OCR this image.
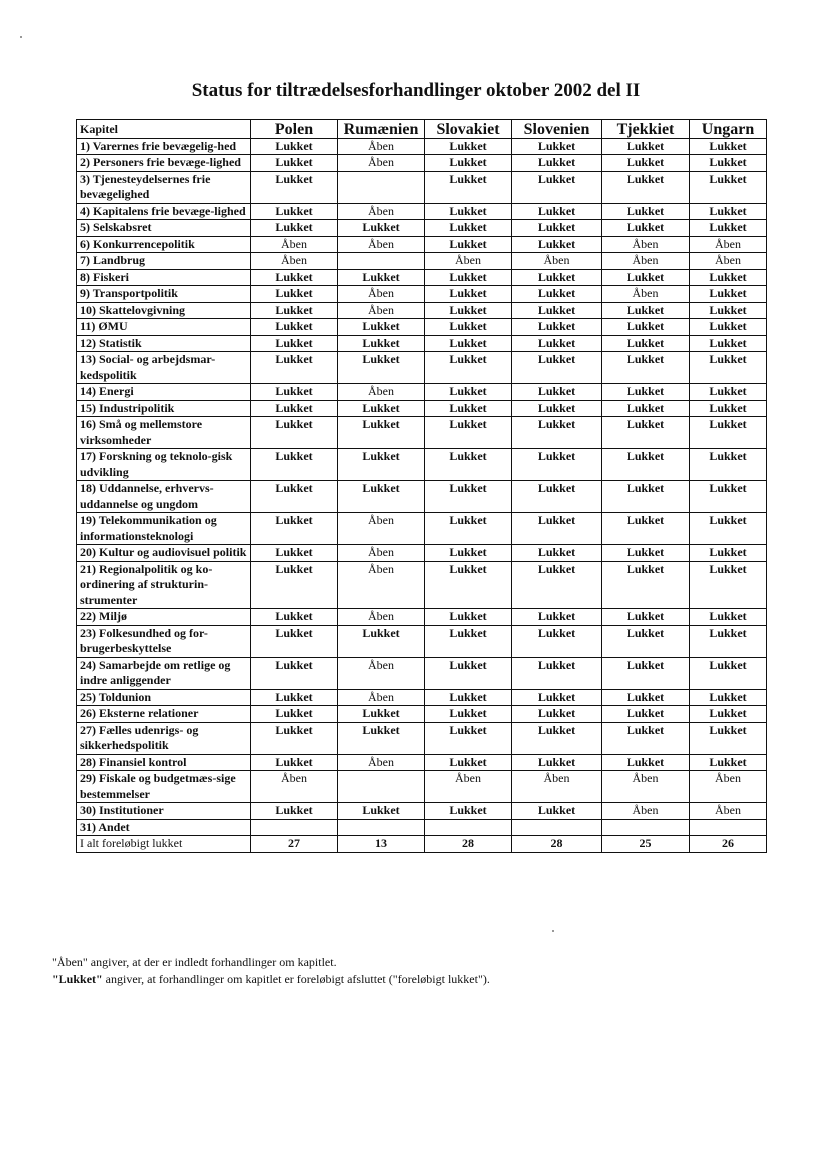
Status for tiltrædelsesforhandlinger oktober 2002 del II
Kapitel	Polen	Rumænien	Slovakiet	Slovenien	Tjekkiet	Ungarn
1) Varernes frie bevægelig-hed	Lukket	Åben	Lukket	Lukket	Lukket	Lukket
2) Personers frie bevæge-lighed	Lukket	Åben	Lukket	Lukket	Lukket	Lukket
3) Tjenesteydelsernes frie bevægelighed	Lukket		Lukket	Lukket	Lukket	Lukket
4) Kapitalens frie bevæge-lighed	Lukket	Åben	Lukket	Lukket	Lukket	Lukket
5) Selskabsret	Lukket	Lukket	Lukket	Lukket	Lukket	Lukket
6) Konkurrencepolitik	Åben	Åben	Lukket	Lukket	Åben	Åben
7) Landbrug	Åben		Åben	Åben	Åben	Åben
8) Fiskeri	Lukket	Lukket	Lukket	Lukket	Lukket	Lukket
9) Transportpolitik	Lukket	Åben	Lukket	Lukket	Åben	Lukket
10) Skattelovgivning	Lukket	Åben	Lukket	Lukket	Lukket	Lukket
11) ØMU	Lukket	Lukket	Lukket	Lukket	Lukket	Lukket
12) Statistik	Lukket	Lukket	Lukket	Lukket	Lukket	Lukket
13) Social- og arbejdsmar-kedspolitik	Lukket	Lukket	Lukket	Lukket	Lukket	Lukket
14) Energi	Lukket	Åben	Lukket	Lukket	Lukket	Lukket
15) Industripolitik	Lukket	Lukket	Lukket	Lukket	Lukket	Lukket
16) Små og mellemstore virksomheder	Lukket	Lukket	Lukket	Lukket	Lukket	Lukket
17) Forskning og teknolo-gisk udvikling	Lukket	Lukket	Lukket	Lukket	Lukket	Lukket
18) Uddannelse, erhvervs-uddannelse og ungdom	Lukket	Lukket	Lukket	Lukket	Lukket	Lukket
19) Telekommunikation og informationsteknologi	Lukket	Åben	Lukket	Lukket	Lukket	Lukket
20) Kultur og audiovisuel politik	Lukket	Åben	Lukket	Lukket	Lukket	Lukket
21) Regionalpolitik og ko-ordinering af strukturin-strumenter	Lukket	Åben	Lukket	Lukket	Lukket	Lukket
22) Miljø	Lukket	Åben	Lukket	Lukket	Lukket	Lukket
23) Folkesundhed og for-brugerbeskyttelse	Lukket	Lukket	Lukket	Lukket	Lukket	Lukket
24) Samarbejde om retlige og indre anliggender	Lukket	Åben	Lukket	Lukket	Lukket	Lukket
25) Toldunion	Lukket	Åben	Lukket	Lukket	Lukket	Lukket
26) Eksterne relationer	Lukket	Lukket	Lukket	Lukket	Lukket	Lukket
27) Fælles udenrigs- og sikkerhedspolitik	Lukket	Lukket	Lukket	Lukket	Lukket	Lukket
28) Finansiel kontrol	Lukket	Åben	Lukket	Lukket	Lukket	Lukket
29) Fiskale og budgetmæs-sige bestemmelser	Åben		Åben	Åben	Åben	Åben
30) Institutioner	Lukket	Lukket	Lukket	Lukket	Åben	Åben
31) Andet						
I alt foreløbigt lukket	27	13	28	28	25	26
"Åben" angiver, at der er indledt forhandlinger om kapitlet.
"Lukket" angiver, at forhandlinger om kapitlet er foreløbigt afsluttet ("foreløbigt lukket").
